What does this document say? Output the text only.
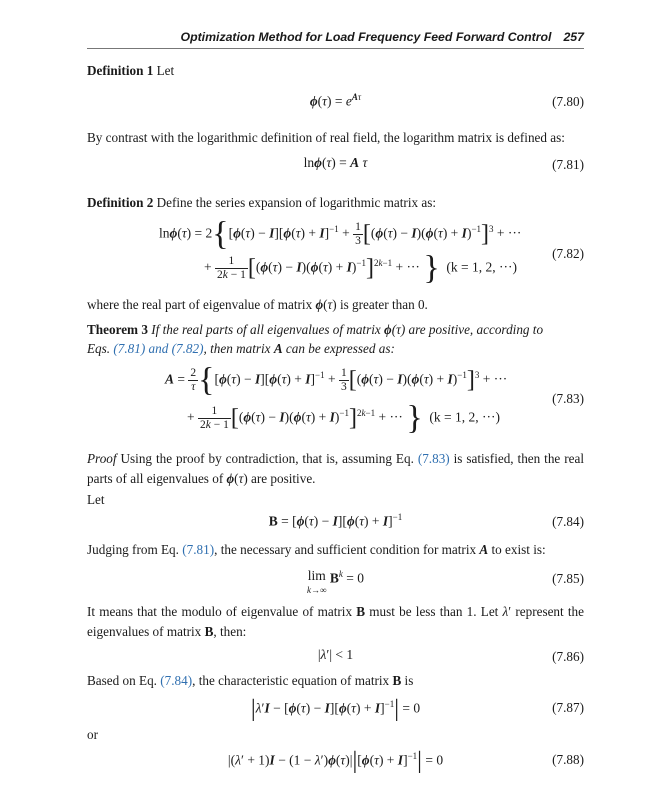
Optimization Method for Load Frequency Feed Forward Control 257
Definition 1 Let
$\phi(\tau) = e^{A\tau}$	(7.80)
By contrast with the logarithmic definition of real field, the logarithm matrix is defined as:
lnϕ(τ) = A τ	(7.81)
Definition 2 Define the series expansion of logarithmic matrix as:
$\ln\phi(\tau) = 2\{[\phi(\tau) - I][\phi(\tau) + I]^{-1} + \frac{1}{3} [(\phi(\tau) - I)(\phi(\tau) + I)^{-1}]^3$ + ···
+ $\frac{1}{2k - 1} [(\phi(\tau) - I)(\phi(\tau) + I)^{-1}]^{2k-1}$ + ··· } (k = 1, 2, ···)
(7.82)
where the real part of eigenvalue of matrix ϕ(τ) is greater than 0.
Theorem 3 If the real parts of all eigenvalues of matrix ϕ(τ) are positive, according to
Eqs. (7.81) and (7.82), then matrix A can be expressed as:
$A = \frac{2}{\tau} \{[\phi(\tau) - I][\phi(\tau) + I]^{-1} + \frac{1}{3} [(\phi(\tau) - I)(\phi(\tau) + I)^{-1}]^3$ + ···
+ $\frac{1}{2k - 1} [(\phi(\tau) - I)(\phi(\tau) + I)^{-1}]^{2k-1}$ + ··· } (k = 1, 2, ···)
(7.83)
Proof Using the proof by contradiction, that is, assuming Eq. (7.83) is satisfied, then the real parts of all eigenvalues of ϕ(τ) are positive.
Let
$B = [\phi(\tau) - I][\phi(\tau) + I]^{-1}$	(7.84)
Judging from Eq. (7.81), the necessary and sufficient condition for matrix A to exist is:
lim
k→∞ $B^k = 0$	(7.85)
It means that the modulo of eigenvalue of matrix B must be less than 1. Let λ′ represent the eigenvalues of matrix B, then:
|λ′| < 1	(7.86)
Based on Eq. (7.84), the characteristic equation of matrix B is
$|\lambda'I - [\phi(\tau) - I][\phi(\tau) + I]^{-1}| = 0$	(7.87)
or
$|(\lambda' + 1)I - (1 - \lambda')\phi(\tau)||[\phi(\tau) + I]^{-1}| = 0$	(7.88)
